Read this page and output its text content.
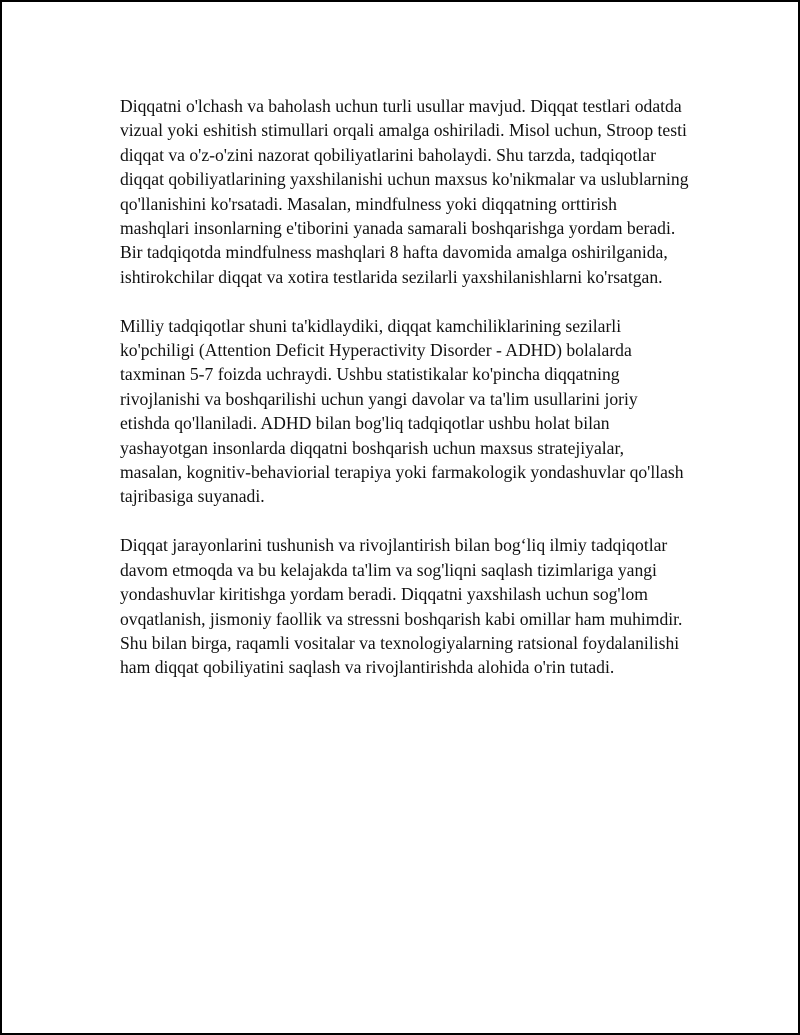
Diqqatni o'lchash va baholash uchun turli usullar mavjud. Diqqat testlari odatda vizual yoki eshitish stimullari orqali amalga oshiriladi. Misol uchun, Stroop testi diqqat va o'z-o'zini nazorat qobiliyatlarini baholaydi. Shu tarzda, tadqiqotlar diqqat qobiliyatlarining yaxshilanishi uchun maxsus ko'nikmalar va uslublarning qo'llanishini ko'rsatadi. Masalan, mindfulness yoki diqqatning orttirish mashqlari insonlarning e'tiborini yanada samarali boshqarishga yordam beradi. Bir tadqiqotda mindfulness mashqlari 8 hafta davomida amalga oshirilganida, ishtirokchilar diqqat va xotira testlarida sezilarli yaxshilanishlarni ko'rsatgan.

Milliy tadqiqotlar shuni ta'kidlaydiki, diqqat kamchiliklarining sezilarli ko'pchiligi (Attention Deficit Hyperactivity Disorder - ADHD) bolalarda taxminan 5-7 foizda uchraydi. Ushbu statistikalar ko'pincha diqqatning rivojlanishi va boshqarilishi uchun yangi davolar va ta'lim usullarini joriy etishda qo'llaniladi. ADHD bilan bog'liq tadqiqotlar ushbu holat bilan yashayotgan insonlarda diqqatni boshqarish uchun maxsus stratejiyalar, masalan, kognitiv-behaviorial terapiya yoki farmakologik yondashuvlar qo'llash tajribasiga suyanadi.

Diqqat jarayonlarini tushunish va rivojlantirish bilan bog‘liq ilmiy tadqiqotlar davom etmoqda va bu kelajakda ta'lim va sog'liqni saqlash tizimlariga yangi yondashuvlar kiritishga yordam beradi. Diqqatni yaxshilash uchun sog'lom ovqatlanish, jismoniy faollik va stressni boshqarish kabi omillar ham muhimdir. Shu bilan birga, raqamli vositalar va texnologiyalarning ratsional foydalanilishi ham diqqat qobiliyatini saqlash va rivojlantirishda alohida o'rin tutadi.
